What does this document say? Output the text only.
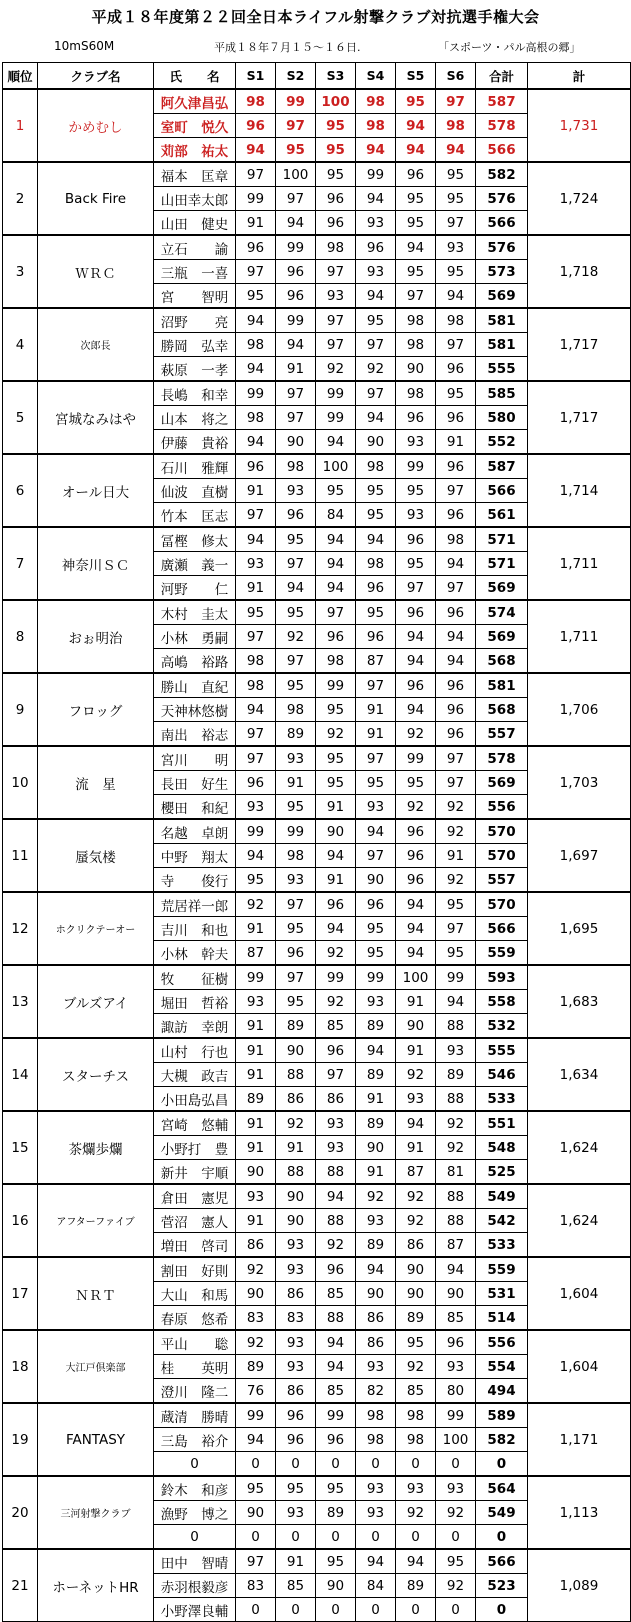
平成１８年度第２２回全日本ライフル射撃クラブ対抗選手権大会
10mS60M	平成１８年７月１５～１６日.	「スポーツ・パル高根の郷」
順位	クラブ名	氏　　名	S1	S2	S3	S4	S5	S6	合計	計
1	かめむし	阿久津昌弘	98	99	100	98	95	97	587	1,731
		室町　悦久	96	97	95	98	94	98	578	
		苅部　祐太	94	95	95	94	94	94	566	
2	Back Fire	福本　匡章	97	100	95	99	96	95	582	1,724
		山田幸太郎	99	97	96	94	95	95	576	
		山田　健史	91	94	96	93	95	97	566	
3	ＷＲＣ	立石　　諭	96	99	98	96	94	93	576	1,718
		三瓶　一喜	97	96	97	93	95	95	573	
		宮　　智明	95	96	93	94	97	94	569	
4	次郎長	沼野　　亮	94	99	97	95	98	98	581	1,717
		勝岡　弘幸	98	94	97	97	98	97	581	
		萩原　一孝	94	91	92	92	90	96	555	
5	宮城なみはや	長嶋　和幸	99	97	99	97	98	95	585	1,717
		山本　将之	98	97	99	94	96	96	580	
		伊藤　貴裕	94	90	94	90	93	91	552	
6	オール日大	石川　雅輝	96	98	100	98	99	96	587	1,714
		仙波　直樹	91	93	95	95	95	97	566	
		竹本　匡志	97	96	84	95	93	96	561	
7	神奈川ＳＣ	冨樫　修太	94	95	94	94	96	98	571	1,711
		廣瀬　義一	93	97	94	98	95	94	571	
		河野　　仁	91	94	94	96	97	97	569	
8	おぉ明治	木村　圭太	95	95	97	95	96	96	574	1,711
		小林　勇嗣	97	92	96	96	94	94	569	
		高嶋　裕路	98	97	98	87	94	94	568	
9	フロッグ	勝山　直紀	98	95	99	97	96	96	581	1,706
		天神林悠樹	94	98	95	91	94	96	568	
		南出　裕志	97	89	92	91	92	96	557	
10	流　星	宮川　　明	97	93	95	97	99	97	578	1,703
		長田　好生	96	91	95	95	95	97	569	
		櫻田　和紀	93	95	91	93	92	92	556	
11	蜃気楼	名越　卓朗	99	99	90	94	96	92	570	1,697
		中野　翔太	94	98	94	97	96	91	570	
		寺　　俊行	95	93	91	90	96	92	557	
12	ホクリクテーオー	荒居祥一郎	92	97	96	96	94	95	570	1,695
		吉川　和也	91	95	94	95	94	97	566	
		小林　幹夫	87	96	92	95	94	95	559	
13	ブルズアイ	牧　　征樹	99	97	99	99	100	99	593	1,683
		堀田　哲裕	93	95	92	93	91	94	558	
		諏訪　幸朗	91	89	85	89	90	88	532	
14	スターチス	山村　行也	91	90	96	94	91	93	555	1,634
		大槻　政吉	91	88	97	89	92	89	546	
		小田島弘昌	89	86	86	91	93	88	533	
15	茶爛歩爛	宮崎　悠輔	91	92	93	89	94	92	551	1,624
		小野打　豊	91	91	93	90	91	92	548	
		新井　宇順	90	88	88	91	87	81	525	
16	アフターファイブ	倉田　憲児	93	90	94	92	92	88	549	1,624
		菅沼　憲人	91	90	88	93	92	88	542	
		増田　啓司	86	93	92	89	86	87	533	
17	ＮＲＴ	割田　好則	92	93	96	94	90	94	559	1,604
		大山　和馬	90	86	85	90	90	90	531	
		春原　悠希	83	83	88	86	89	85	514	
18	大江戸倶楽部	平山　　聡	92	93	94	86	95	96	556	1,604
		桂　　英明	89	93	94	93	92	93	554	
		澄川　隆二	76	86	85	82	85	80	494	
19	FANTASY	蔵清　勝晴	99	96	99	98	98	99	589	1,171
		三島　裕介	94	96	96	98	98	100	582	
		0	0	0	0	0	0	0	0	
20	三河射撃クラブ	鈴木　和彦	95	95	95	93	93	93	564	1,113
		漁野　博之	90	93	89	93	92	92	549	
		0	0	0	0	0	0	0	0	
21	ホーネットHR	田中　智晴	97	91	95	94	94	95	566	1,089
		赤羽根毅彦	83	85	90	84	89	92	523	
		小野澤良輔	0	0	0	0	0	0	0	
